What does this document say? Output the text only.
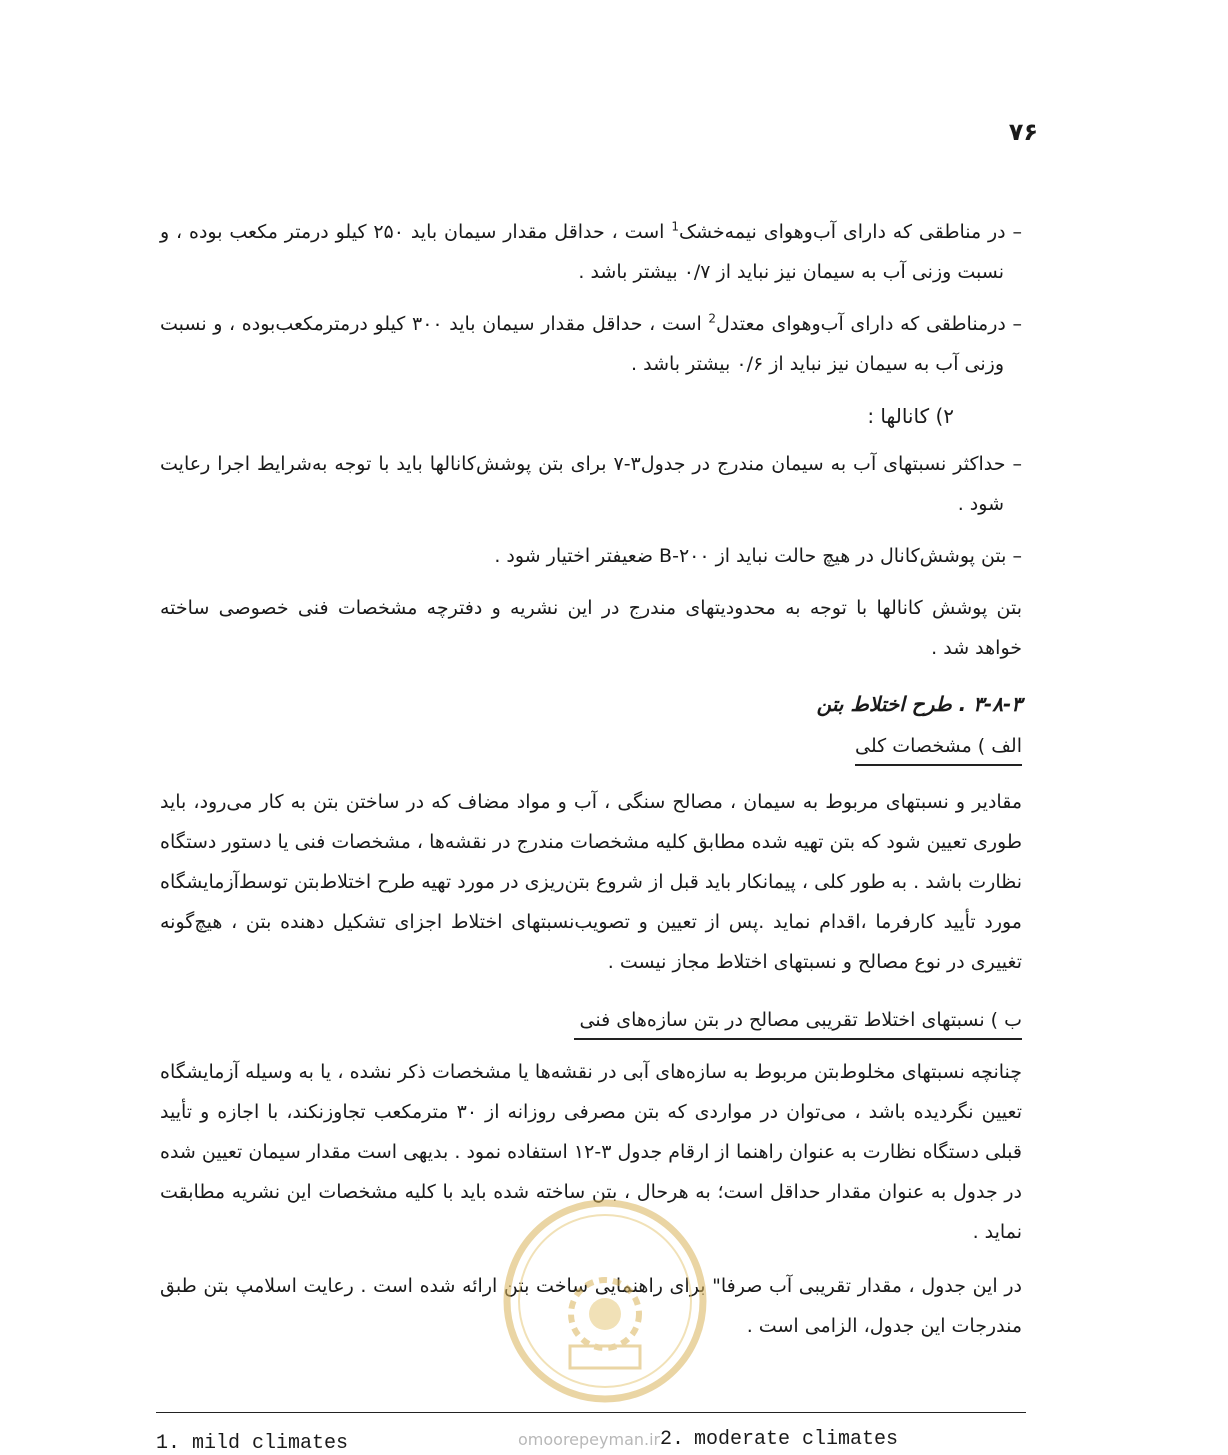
۷۶

– در مناطقی که دارای آب‌وهوای نیمه‌خشک$^1$ است ، حداقل مقدار سیمان باید ۲۵۰ کیلو درمتر مکعب بوده ، و نسبت وزنی آب به سیمان نیز نباید از ۰/۷ بیشتر باشد .

– درمناطقی که دارای آب‌وهوای معتدل$^2$ است ، حداقل مقدار سیمان باید ۳۰۰ کیلو درمترمکعب‌بوده ، و نسبت وزنی آب به سیمان نیز نباید از ۰/۶ بیشتر باشد .

۲) کانالها :

– حداکثر نسبتهای آب به سیمان مندرج در جدول۳-۷ برای بتن پوشش‌کانالها باید با توجه به‌شرایط اجرا رعایت شود .

– بتن پوشش‌کانال در هیچ حالت نباید از B-۲۰۰ ضعیفتر اختیار شود .

بتن پوشش کانالها با توجه به محدودیتهای مندرج در این نشریه و دفترچه مشخصات فنی خصوصی ساخته خواهد شد .

۳-۸-۳ . طرح اختلاط بتن
الف ) مشخصات کلی

مقادیر و نسبتهای مربوط به سیمان ، مصالح سنگی ، آب و مواد مضاف که در ساختن بتن به کار می‌رود، باید طوری تعیین شود که بتن تهیه شده مطابق کلیه مشخصات مندرج در نقشه‌ها ، مشخصات فنی یا دستور دستگاه نظارت باشد . به طور کلی ، پیمانکار باید قبل از شروع بتن‌ریزی در مورد تهیه طرح اختلاط‌بتن توسط‌آزمایشگاه مورد تأیید کارفرما ،اقدام نماید .پس از تعیین و تصویب‌نسبتهای اختلاط اجزای تشکیل دهنده بتن ، هیچ‌گونه تغییری در نوع مصالح و نسبتهای اختلاط مجاز نیست .

ب ) نسبتهای اختلاط تقریبی مصالح در بتن سازه‌های فنی

چنانچه نسبتهای مخلوط‌بتن مربوط به سازه‌های آبی در نقشه‌ها یا مشخصات ذکر نشده ، یا به وسیله آزمایشگاه تعیین نگردیده باشد ، می‌توان در مواردی که بتن مصرفی روزانه از ۳۰ مترمکعب تجاوزنکند، با اجازه و تأیید قبلی دستگاه نظارت به عنوان راهنما از ارقام جدول ۳-۱۲ استفاده نمود . بدیهی است مقدار سیمان تعیین شده در جدول به عنوان مقدار حداقل است؛ به هرحال ، بتن ساخته شده باید با کلیه مشخصات این نشریه مطابقت نماید .

در این جدول ، مقدار تقریبی آب صرفا" برای راهنمایی ساخت بتن ارائه شده است . رعایت اسلامپ بتن طبق مندرجات این جدول، الزامی است .

1. mild climates	2. moderate climates
omoorepeyman.ir
